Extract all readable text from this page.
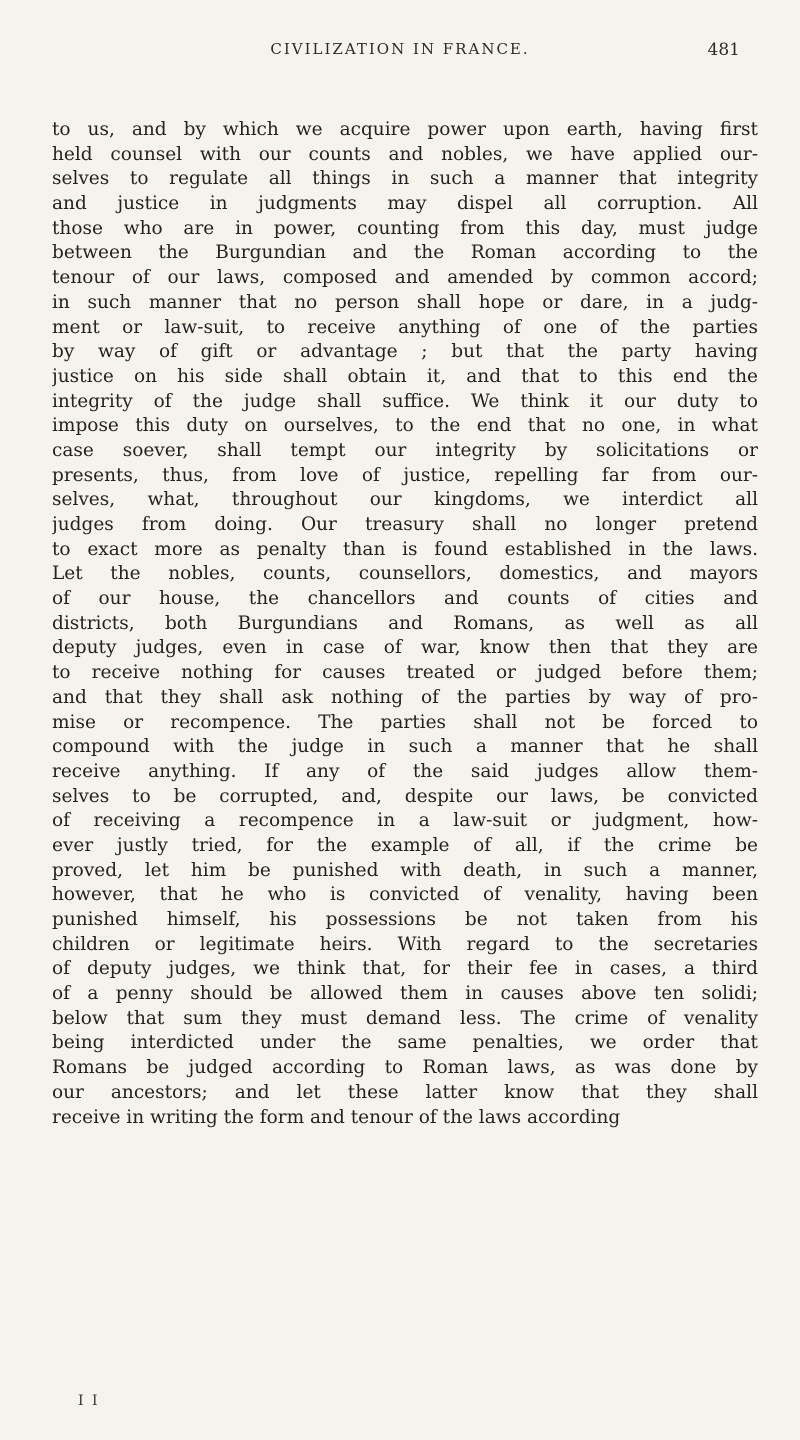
CIVILIZATION IN FRANCE.	481
to us, and by which we acquire power upon earth, having first
held counsel with our counts and nobles, we have applied our-
selves to regulate all things in such a manner that integrity
and justice in judgments may dispel all corruption. All
those who are in power, counting from this day, must judge
between the Burgundian and the Roman according to the
tenour of our laws, composed and amended by common accord;
in such manner that no person shall hope or dare, in a judg-
ment or law-suit, to receive anything of one of the parties
by way of gift or advantage ; but that the party having
justice on his side shall obtain it, and that to this end the
integrity of the judge shall suffice. We think it our duty to
impose this duty on ourselves, to the end that no one, in what
case soever, shall tempt our integrity by solicitations or
presents, thus, from love of justice, repelling far from our-
selves, what, throughout our kingdoms, we interdict all
judges from doing. Our treasury shall no longer pretend
to exact more as penalty than is found established in the laws.
Let the nobles, counts, counsellors, domestics, and mayors
of our house, the chancellors and counts of cities and
districts, both Burgundians and Romans, as well as all
deputy judges, even in case of war, know then that they are
to receive nothing for causes treated or judged before them;
and that they shall ask nothing of the parties by way of pro-
mise or recompence. The parties shall not be forced to
compound with the judge in such a manner that he shall
receive anything. If any of the said judges allow them-
selves to be corrupted, and, despite our laws, be convicted
of receiving a recompence in a law-suit or judgment, how-
ever justly tried, for the example of all, if the crime be
proved, let him be punished with death, in such a manner,
however, that he who is convicted of venality, having been
punished himself, his possessions be not taken from his
children or legitimate heirs. With regard to the secretaries
of deputy judges, we think that, for their fee in cases, a third
of a penny should be allowed them in causes above ten solidi;
below that sum they must demand less. The crime of venality
being interdicted under the same penalties, we order that
Romans be judged according to Roman laws, as was done by
our ancestors; and let these latter know that they shall
receive in writing the form and tenour of the laws according
I I
